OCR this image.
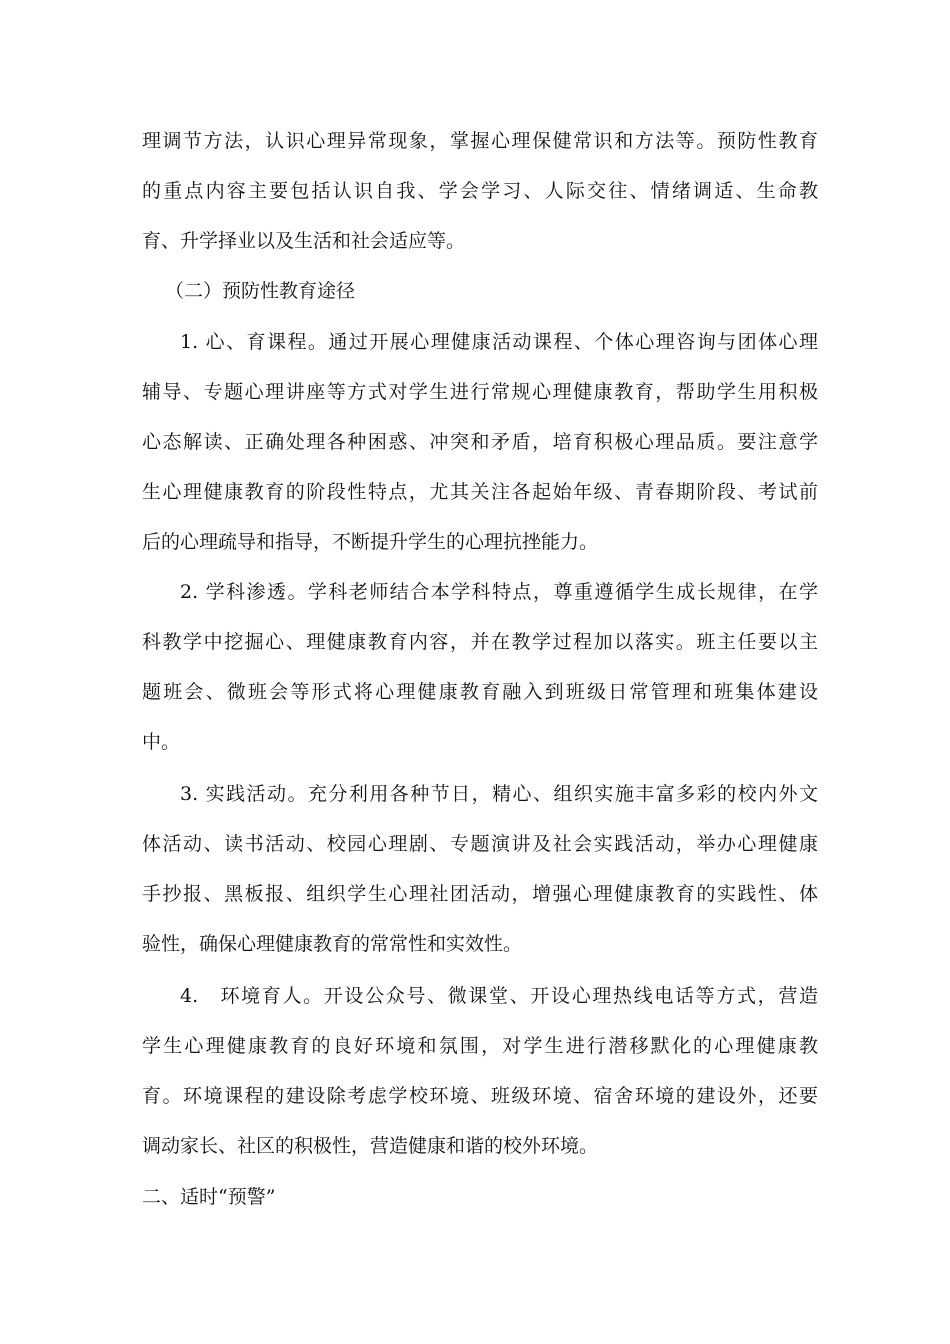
理调节方法，认识心理异常现象，掌握心理保健常识和方法等。预防性教育
的重点内容主要包括认识自我、学会学习、人际交往、情绪调适、生命教
育、升学择业以及生活和社会适应等。
（二）预防性教育途径
1. 心、育课程。通过开展心理健康活动课程、个体心理咨询与团体心理
辅导、专题心理讲座等方式对学生进行常规心理健康教育，帮助学生用积极
心态解读、正确处理各种困惑、冲突和矛盾，培育积极心理品质。要注意学
生心理健康教育的阶段性特点，尤其关注各起始年级、青春期阶段、考试前
后的心理疏导和指导，不断提升学生的心理抗挫能力。
2. 学科渗透。学科老师结合本学科特点，尊重遵循学生成长规律，在学
科教学中挖掘心、理健康教育内容，并在教学过程加以落实。班主任要以主
题班会、微班会等形式将心理健康教育融入到班级日常管理和班集体建设
中。
3. 实践活动。充分利用各种节日，精心、组织实施丰富多彩的校内外文
体活动、读书活动、校园心理剧、专题演讲及社会实践活动，举办心理健康
手抄报、黑板报、组织学生心理社团活动，增强心理健康教育的实践性、体
验性，确保心理健康教育的常常性和实效性。
4.　环境育人。开设公众号、微课堂、开设心理热线电话等方式，营造
学生心理健康教育的良好环境和氛围，对学生进行潜移默化的心理健康教
育。环境课程的建设除考虑学校环境、班级环境、宿舍环境的建设外，还要
调动家长、社区的积极性，营造健康和谐的校外环境。
二、适时“预警”
